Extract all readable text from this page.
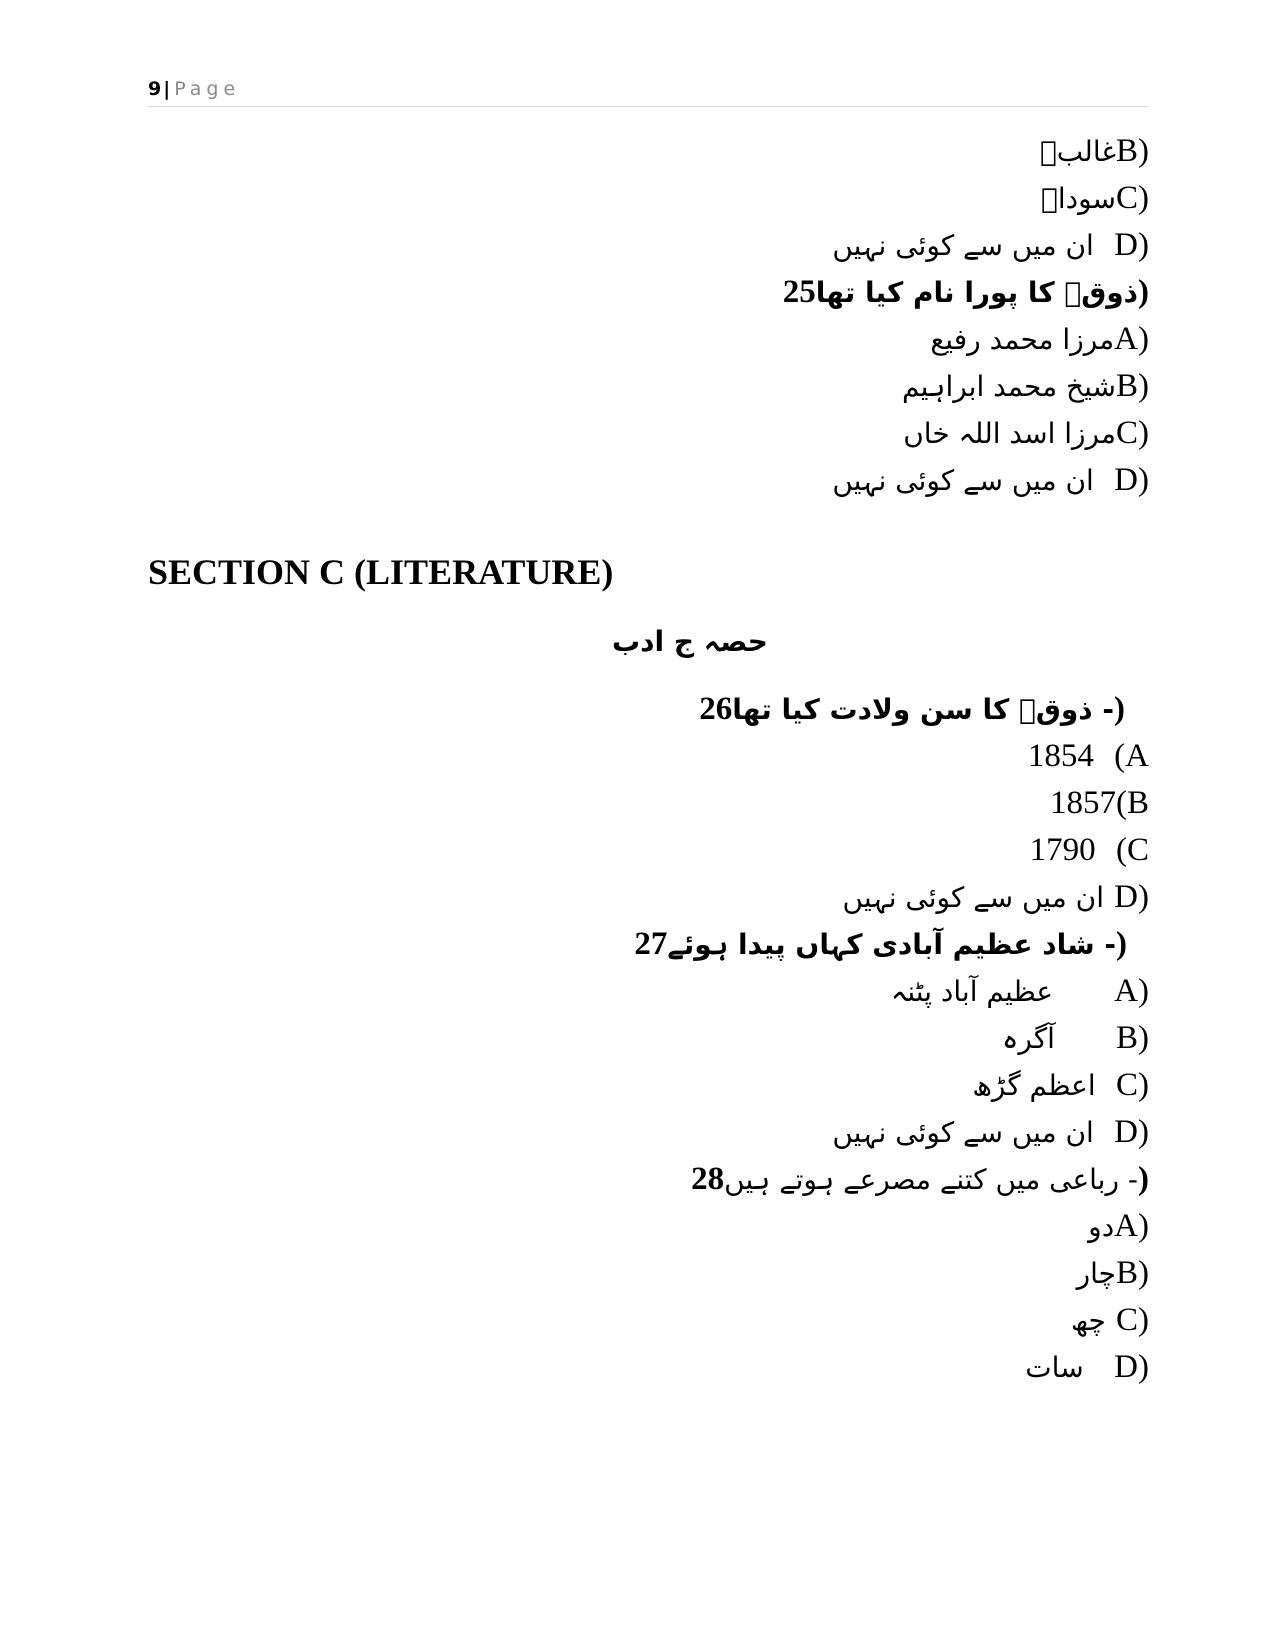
9 | Page
غالبؔB)
سوداؔC)
ان میں سے کوئی نہیں D)
ذوقؔ کا پورا نام کیا تھا25)
مرزا محمد رفیعA)
شیخ محمد ابراہیمB)
مرزا اسد اللہ خاںC)
ان میں سے کوئی نہیں D)
SECTION C (LITERATURE)
حصہ ج ادب
- ذوقؔ کا سن ولادت کیا تھا26)
1854 (A
1857(B
1790 (C
ان میں سے کوئی نہیں D)
- شاد عظیم آبادی کہاں پیدا ہوئے27)
عظیم آباد پٹنہ A)
آگرہ B)
اعظم گڑھ C)
ان میں سے کوئی نہیں D)
- رباعی میں کتنے مصرعے ہوتے ہیں28)
دوA)
چارB)
چھ C)
سات D)
